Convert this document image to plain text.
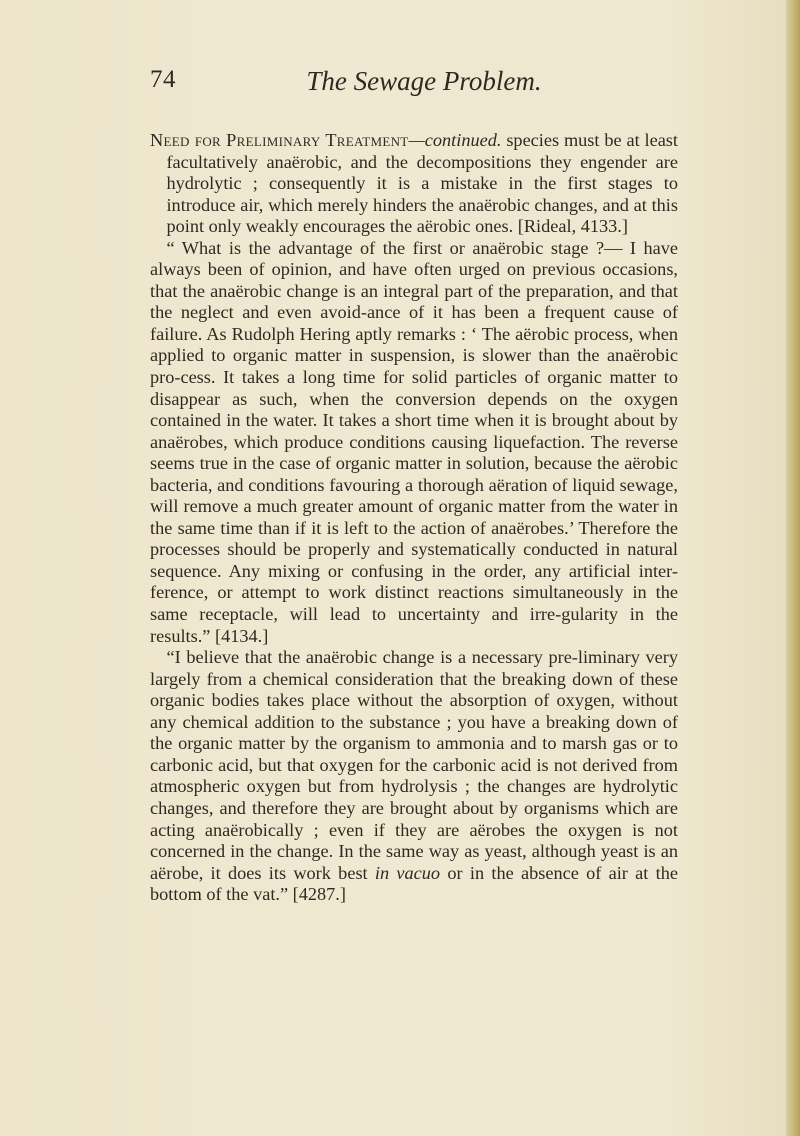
74	The Sewage Problem.

Need for Preliminary Treatment—continued. species must be at least facultatively anaërobic, and the decompositions they engender are hydrolytic ; consequently it is a mistake in the first stages to introduce air, which merely hinders the anaërobic changes, and at this point only weakly encourages the aërobic ones. [Rideal, 4133.]

“ What is the advantage of the first or anaërobic stage ?— I have always been of opinion, and have often urged on previous occasions, that the anaërobic change is an integral part of the preparation, and that the neglect and even avoid-ance of it has been a frequent cause of failure. As Rudolph Hering aptly remarks : ‘ The aërobic process, when applied to organic matter in suspension, is slower than the anaërobic pro-cess. It takes a long time for solid particles of organic matter to disappear as such, when the conversion depends on the oxygen contained in the water. It takes a short time when it is brought about by anaërobes, which produce conditions causing liquefaction. The reverse seems true in the case of organic matter in solution, because the aërobic bacteria, and conditions favouring a thorough aëration of liquid sewage, will remove a much greater amount of organic matter from the water in the same time than if it is left to the action of anaërobes.’ Therefore the processes should be properly and systematically conducted in natural sequence. Any mixing or confusing in the order, any artificial inter-ference, or attempt to work distinct reactions simultaneously in the same receptacle, will lead to uncertainty and irre-gularity in the results.” [4134.]

“I believe that the anaërobic change is a necessary pre-liminary very largely from a chemical consideration that the breaking down of these organic bodies takes place without the absorption of oxygen, without any chemical addition to the substance ; you have a breaking down of the organic matter by the organism to ammonia and to marsh gas or to carbonic acid, but that oxygen for the carbonic acid is not derived from atmospheric oxygen but from hydrolysis ; the changes are hydrolytic changes, and therefore they are brought about by organisms which are acting anaërobically ; even if they are aërobes the oxygen is not concerned in the change. In the same way as yeast, although yeast is an aërobe, it does its work best in vacuo or in the absence of air at the bottom of the vat.” [4287.]
